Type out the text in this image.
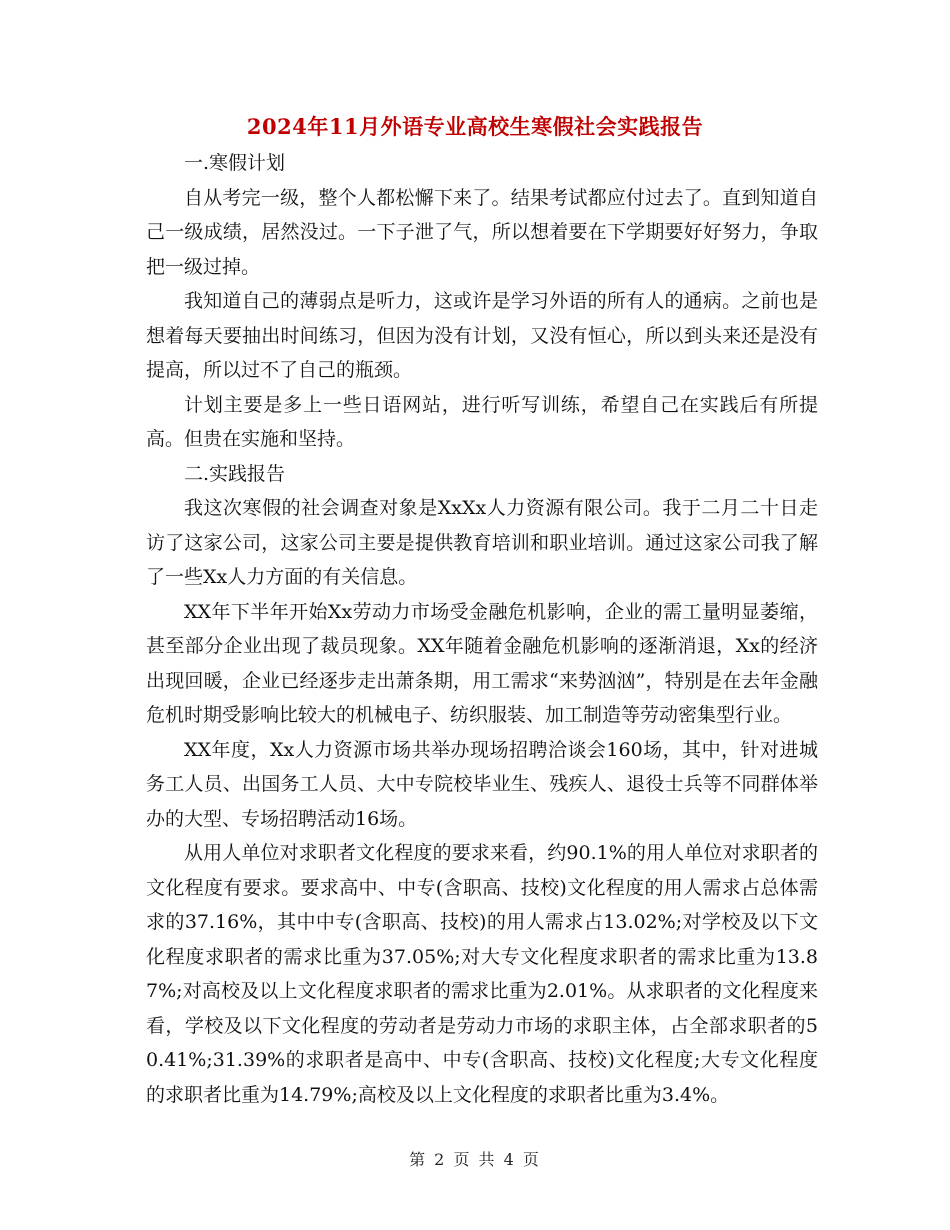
2024年11月外语专业高校生寒假社会实践报告

一.寒假计划

自从考完一级，整个人都松懈下来了。结果考试都应付过去了。直到知道自己一级成绩，居然没过。一下子泄了气，所以想着要在下学期要好好努力，争取把一级过掉。

我知道自己的薄弱点是听力，这或许是学习外语的所有人的通病。之前也是想着每天要抽出时间练习，但因为没有计划，又没有恒心，所以到头来还是没有提高，所以过不了自己的瓶颈。

计划主要是多上一些日语网站，进行听写训练，希望自己在实践后有所提高。但贵在实施和坚持。

二.实践报告

我这次寒假的社会调查对象是XxXx人力资源有限公司。我于二月二十日走访了这家公司，这家公司主要是提供教育培训和职业培训。通过这家公司我了解了一些Xx人力方面的有关信息。

XX年下半年开始Xx劳动力市场受金融危机影响，企业的需工量明显萎缩，甚至部分企业出现了裁员现象。XX年随着金融危机影响的逐渐消退，Xx的经济出现回暖，企业已经逐步走出萧条期，用工需求“来势汹汹”，特别是在去年金融危机时期受影响比较大的机械电子、纺织服装、加工制造等劳动密集型行业。

XX年度，Xx人力资源市场共举办现场招聘洽谈会160场，其中，针对进城务工人员、出国务工人员、大中专院校毕业生、残疾人、退役士兵等不同群体举办的大型、专场招聘活动16场。

从用人单位对求职者文化程度的要求来看，约90.1%的用人单位对求职者的文化程度有要求。要求高中、中专(含职高、技校)文化程度的用人需求占总体需求的37.16%，其中中专(含职高、技校)的用人需求占13.02%;对学校及以下文化程度求职者的需求比重为37.05%;对大专文化程度求职者的需求比重为13.87%;对高校及以上文化程度求职者的需求比重为2.01%。从求职者的文化程度来看，学校及以下文化程度的劳动者是劳动力市场的求职主体，占全部求职者的50.41%;31.39%的求职者是高中、中专(含职高、技校)文化程度;大专文化程度的求职者比重为14.79%;高校及以上文化程度的求职者比重为3.4%。

第 2 页 共 4 页
